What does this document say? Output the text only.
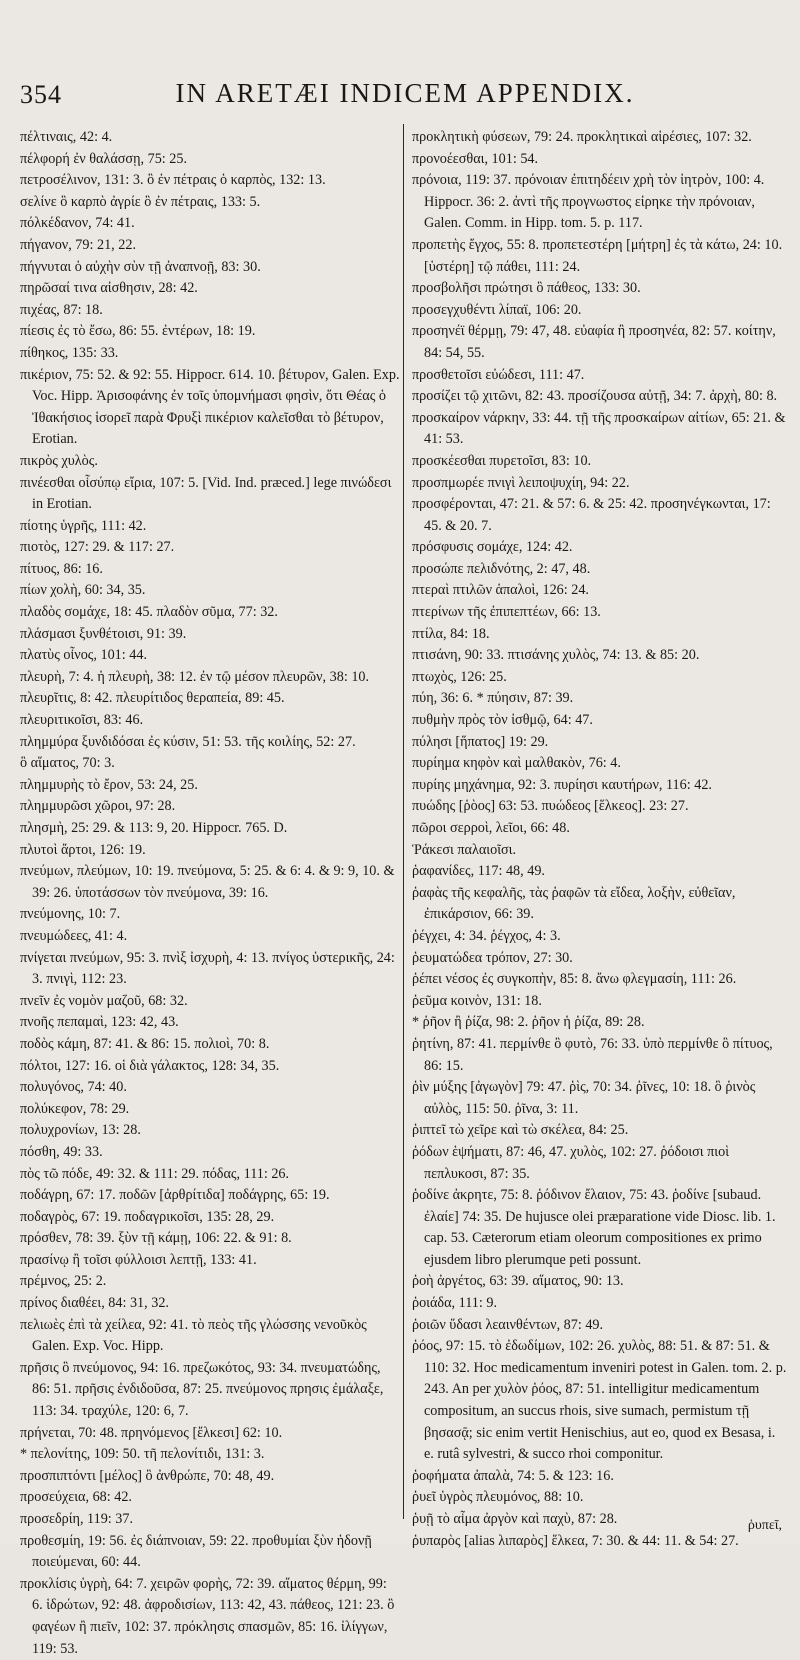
354	IN ARETÆI INDICEM APPENDIX.

πέλτιναις, 42: 4.

πέλφορή ἐν θαλάσσῃ, 75: 25.

πετροσέλινον, 131: 3. ὃ ἐν πέτραις ὁ καρπὸς, 132: 13.

σελίνε ὃ καρπὸ ἀγρίε ὃ ἐν πέτραις, 133: 5.

πόλκέδανον, 74: 41.

πήγανον, 79: 21, 22.

πήγνυται ὁ αὐχὴν σὺν τῇ ἀναπνοῇ, 83: 30.

πηρῶσαί τινα αἰσθησιν, 28: 42.

πιχέας, 87: 18.

πίεσις ἐς τὸ ἔσω, 86: 55. ἐντέρων, 18: 19.

πίθηκος, 135: 33.

πικέριον, 75: 52. & 92: 55. Hippocr. 614. 10. βέτυρον, Galen. Exp. Voc. Hipp. Ἀρισοφάνης ἐν τοῖς ὑπομνήμασι φησὶν, ὅτι Θέας ὁ Ἰθακήσιος ἱσορεῖ παρὰ Φρυξὶ πικέριον καλεῖσθαι τὸ βέτυρον, Erotian.

πικρὸς χυλὸς.

πινέεσθαι οἷσύπῳ εἴρια, 107: 5. [Vid. Ind. præced.] lege πινώδεσι in Erotian.

πίοτης ὑγρῆς, 111: 42.

πιοτὸς, 127: 29. & 117: 27.

πίτυος, 86: 16.

πίων χολὴ, 60: 34, 35.

πλαδὸς σομάχε, 18: 45. πλαδὸν σῦμα, 77: 32.

πλάσμασι ξυνθέτοισι, 91: 39.

πλατὺς οἶνος, 101: 44.

πλευρὴ, 7: 4. ἡ πλευρὴ, 38: 12. ἐν τῷ μέσον πλευρῶν, 38: 10.

πλευρῖτις, 8: 42. πλευρίτιδος θεραπεία, 89: 45.

πλευριτικοῖσι, 83: 46.

πλημμύρα ξυνδιδόσαι ἐς κύσιν, 51: 53. τῆς κοιλίης, 52: 27.

ὃ αἵματος, 70: 3.

πλημμυρὴς τὸ ἔρον, 53: 24, 25.

πλημμυρῶσι χῶροι, 97: 28.

πλησμὴ, 25: 29. & 113: 9, 20. Hippocr. 765. D.

πλυτοὶ ἄρτοι, 126: 19.

πνεύμων, πλεύμων, 10: 19. πνεύμονα, 5: 25. & 6: 4. & 9: 9, 10. & 39: 26. ὑποτάσσων τὸν πνεύμονα, 39: 16.

πνεύμονης, 10: 7.

πνευμώδεες, 41: 4.

πνίγεται πνεύμων, 95: 3. πνὶξ ἰσχυρὴ, 4: 13. πνίγος ὑστερικῆς, 24: 3. πνιγὶ, 112: 23.

πνεῖν ἐς νομὸν μαζοῦ, 68: 32.

πνοῆς πεπαμαὶ, 123: 42, 43.

ποδὸς κάμη, 87: 41. & 86: 15. πολιοὶ, 70: 8.

πόλτοι, 127: 16. οἱ διὰ γάλακτος, 128: 34, 35.

πολυγόνος, 74: 40.

πολύκεφον, 78: 29.

πολυχρονίων, 13: 28.

πόσθη, 49: 33.

πὸς τῶ πόδε, 49: 32. & 111: 29. πόδας, 111: 26.

ποδάγρη, 67: 17. ποδῶν [ἀρθρίτιδα] ποδάγρης, 65: 19.

ποδαγρὸς, 67: 19. ποδαγρικοῖσι, 135: 28, 29.

πρόσθεν, 78: 39. ξὺν τῇ κάμῃ, 106: 22. & 91: 8.

πρασίνῳ ἢ τοῖσι φύλλοισι λεπτῇ, 133: 41.

πρέμνος, 25: 2.

πρίνος διαθέει, 84: 31, 32.

πελιωὲς ἐπὶ τὰ χείλεα, 92: 41. τὸ πεὸς τῆς γλώσσης νενοῦκὸς Galen. Exp. Voc. Hipp.

πρῆσις ὃ πνεύμονος, 94: 16. πρεζωκότος, 93: 34. πνευματώδης, 86: 51. πρῆσις ἐνδιδοῦσα, 87: 25. πνεύμονος πρησις ἐμάλαξε, 113: 34. τραχύλε, 120: 6, 7.

πρήνεται, 70: 48. πρηνόμενος [ἔλκεσι] 62: 10.

* πελονίτης, 109: 50. τῆ πελονίτιδι, 131: 3.

προσπιπτόντι [μέλος] ὃ ἀνθρώπε, 70: 48, 49.

προσεύχεια, 68: 42.

προσεδρίη, 119: 37.

προθεσμίη, 19: 56. ἐς διάπνοιαν, 59: 22. προθυμίαι ξὺν ἡδονῇ ποιεύμεναι, 60: 44.

προκλίσις ὑγρὴ, 64: 7. χειρῶν φορὴς, 72: 39. αἵματος θέρμη, 99: 6. ἱδρώτων, 92: 48. ἀφροδισίων, 113: 42, 43. πάθεος, 121: 23. ὃ φαγέων ἢ πιεῖν, 102: 37. πρόκλησις σπασμῶν, 85: 16. ἰλίγγων, 119: 53.

προκλητικὴ φύσεων, 79: 24. προκλητικαὶ αἱρέσιες, 107: 32.

προνοέεσθαι, 101: 54.

πρόνοια, 119: 37. πρόνοιαν ἐπιτηδέειν χρὴ τὸν ἰητρὸν, 100: 4. Hippocr. 36: 2. ἀντὶ τῆς προγνωστος εἰρηκε τὴν πρόνοιαν, Galen. Comm. in Hipp. tom. 5. p. 117.

προπετὴς ἔγχος, 55: 8. προπετεστέρη [μήτρη] ἐς τὰ κάτω, 24: 10. [ὑστέρη] τῷ πάθει, 111: 24.

προσβολῆσι πρώτησι ὃ πάθεος, 133: 30.

προσεγχυθέντι λίπαϊ, 106: 20.

προσηνέϊ θέρμῃ, 79: 47, 48. εὐαφία ἢ προσηνέα, 82: 57. κοίτην, 84: 54, 55.

προσθετοῖσι εὐώδεσι, 111: 47.

προσίζει τῷ χιτῶνι, 82: 43. προσίζουσα αὐτῇ, 34: 7. ἀρχὴ, 80: 8.

προσκαίρον νάρκην, 33: 44. τῇ τῆς προσκαίρων αἰτίων, 65: 21. & 41: 53.

προσκέεσθαι πυρετοῖσι, 83: 10.

προσπμωρέε πνιγὶ λειποψυχίη, 94: 22.

προσφέρονται, 47: 21. & 57: 6. & 25: 42. προσηνέγκωνται, 17: 45. & 20. 7.

πρόσφυσις σομάχε, 124: 42.

προσώπε πελιδνότης, 2: 47, 48.

πτεραὶ πτιλῶν ἁπαλοὶ, 126: 24.

πτερίνων τῆς ἐπιπεπτέων, 66: 13.

πτίλα, 84: 18.

πτισάνη, 90: 33. πτισάνης χυλὸς, 74: 13. & 85: 20.

πτωχὸς, 126: 25.

πύη, 36: 6. * πύησιν, 87: 39.

πυθμὴν πρὸς τὸν ἰσθμῷ, 64: 47.

πύλησι [ἥπατος] 19: 29.

πυρίημα κηφὸν καὶ μαλθακὸν, 76: 4.

πυρίης μηχάνημα, 92: 3. πυρίησι καυτήρων, 116: 42.

πυώδης [ῥὸος] 63: 53. πυώδεος [ἕλκεος]. 23: 27.

πῶροι σερροὶ, λεῖοι, 66: 48.

Ῥάκεσι παλαιοῖσι.

ῥαφανίδες, 117: 48, 49.

ῥαφὰς τῆς κεφαλῆς, τὰς ῥαφῶν τὰ εἴδεα, λοξὴν, εὐθεῖαν, ἐπικάρσιον, 66: 39.

ῥέγχει, 4: 34. ῥέγχος, 4: 3.

ῥευματώδεα τρόπον, 27: 30.

ῥέπει νέσος ἐς συγκοπὴν, 85: 8. ἄνω φλεγμασίη, 111: 26.

ῥεῦμα κοινὸν, 131: 18.

* ῥῆον ἢ ῥίζα, 98: 2. ῥῆον ἡ ῥίζα, 89: 28.

ῥητίνη, 87: 41. περμίνθε ὃ φυτὸ, 76: 33. ὑπὸ περμίνθε ὃ πίτυος, 86: 15.

ῥὶν μύξης [ἀγωγὸν] 79: 47. ῥὶς, 70: 34. ῥῖνες, 10: 18. ὃ ῥινὸς αὐλὸς, 115: 50. ῥῖνα, 3: 11.

ῥιπτεῖ τὼ χεῖρε καὶ τὼ σκέλεα, 84: 25.

ῥόδων ἑψήματι, 87: 46, 47. χυλὸς, 102: 27. ῥόδοισι πιοὶ πεπλυκοσι, 87: 35.

ῥοδίνε ἀκρητε, 75: 8. ῥόδινον ἔλαιον, 75: 43. ῥοδίνε [subaud. ἐλαίε] 74: 35. De hujusce olei præparatione vide Diosc. lib. 1. cap. 53. Cæterorum etiam oleorum compositiones ex primo ejusdem libro plerumque peti possunt.

ῥοὴ ἀργέτος, 63: 39. αἵματος, 90: 13.

ῥοιάδα, 111: 9.

ῥοιῶν ὕδασι λεαινθέντων, 87: 49.

ῥόος, 97: 15. τὸ ἐδωδίμων, 102: 26. χυλὸς, 88: 51. & 87: 51. & 110: 32. Hoc medicamentum inveniri potest in Galen. tom. 2. p. 243. An per χυλὸν ῥόος, 87: 51. intelligitur medicamentum compositum, an succus rhois, sive sumach, permistum τῇ βησασᾷ; sic enim vertit Henischius, aut eo, quod ex Besasa, i. e. rutâ sylvestri, & succo rhoi componitur.

ῥοφήματα ἀπαλὰ, 74: 5. & 123: 16.

ῥυεῖ ὑγρὸς πλευμόνος, 88: 10.

ῥυῇ τὸ αἷμα ἀργὸν καὶ παχὺ, 87: 28.

ῥυπαρὸς [alias λιπαρὸς] ἕλκεα, 7: 30. & 44: 11. & 54: 27.

ῥυπεῖ,
